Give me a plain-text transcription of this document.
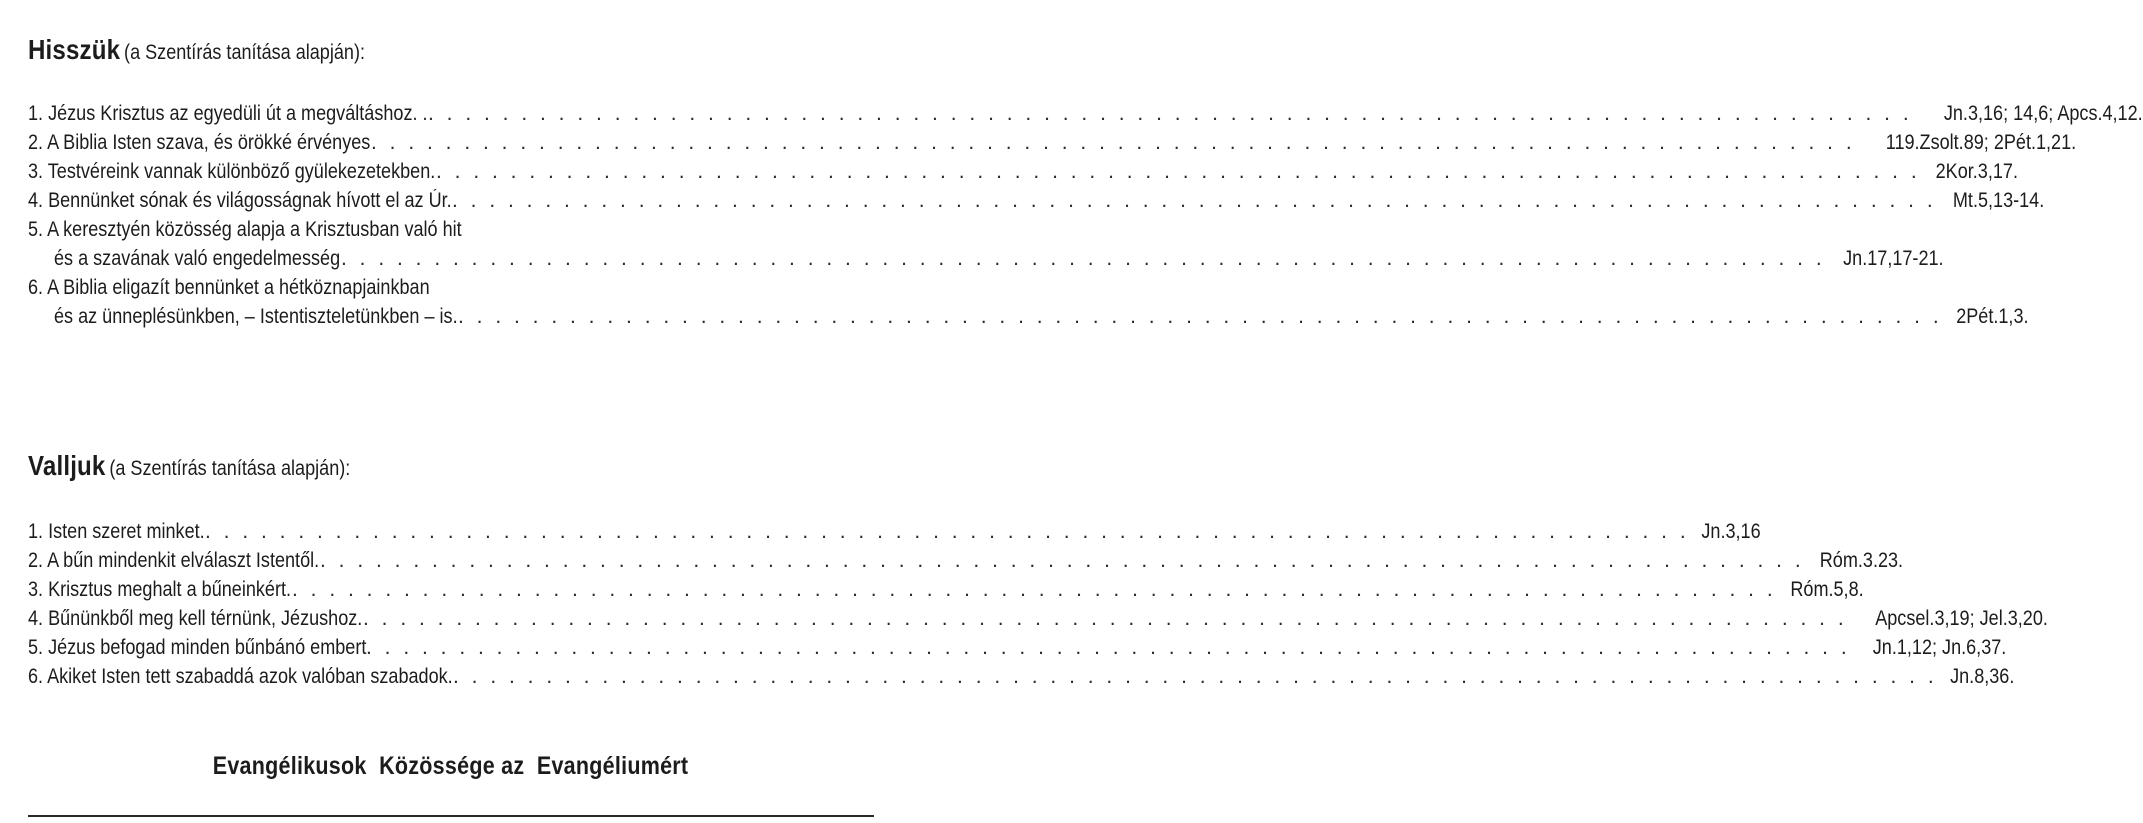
Hisszük (a Szentírás tanítása alapján):
1. Jézus Krisztus az egyedüli út a megváltáshoz. . . . . . . . . . . . . . . . . . . . . . . . . . . . . . . . . . . . . . . . . . . . . . . . . . . . . . . . . . . . . . . . . . . . . . . . . . . . . . . . . . Jn.3,16; 14,6; Apcs.4,12.
2. A Biblia Isten szava, és örökké érvényes . . . . . . . . . . . . . . . . . . . . . . . . . . . . . . . . . . . . . . . . . . . . . . . . . . . . . . . . . . . . . . . . . . . . . . . . . . . . . . . . 119.Zsolt.89; 2Pét.1,21.
3. Testvéreink vannak különböző gyülekezetekben. . . . . . . . . . . . . . . . . . . . . . . . . . . . . . . . . . . . . . . . . . . . . . . . . . . . . . . . . . . . . . . . . . . . . . . . . . . . . . . . . 2Kor.3,17.
4. Bennünket sónak és világosságnak hívott el az Úr. . . . . . . . . . . . . . . . . . . . . . . . . . . . . . . . . . . . . . . . . . . . . . . . . . . . . . . . . . . . . . . . . . . . . . . . . . . . . . . . . Mt.5,13-14.
5. A keresztyén közösség alapja a Krisztusban való hit
és a szavának való engedelmesség . . . . . . . . . . . . . . . . . . . . . . . . . . . . . . . . . . . . . . . . . . . . . . . . . . . . . . . . . . . . . . . . . . . . . . . . . . . . . . . . Jn.17,17-21.
6. A Biblia eligazít bennünket a hétköznapjainkban
és az ünneplésünkben, – Istentiszteletünkben – is. . . . . . . . . . . . . . . . . . . . . . . . . . . . . . . . . . . . . . . . . . . . . . . . . . . . . . . . . . . . . . . . . . . . . . . . . . . . . . . . . 2Pét.1,3.
Valljuk (a Szentírás tanítása alapján):
1. Isten szeret minket. . . . . . . . . . . . . . . . . . . . . . . . . . . . . . . . . . . . . . . . . . . . . . . . . . . . . . . . . . . . . . . . . . . . . . . . . . . . . . . . . Jn.3,16
2. A bűn mindenkit elválaszt Istentől. . . . . . . . . . . . . . . . . . . . . . . . . . . . . . . . . . . . . . . . . . . . . . . . . . . . . . . . . . . . . . . . . . . . . . . . . . . . . . . . . Róm.3.23.
3. Krisztus meghalt a bűneinkért. . . . . . . . . . . . . . . . . . . . . . . . . . . . . . . . . . . . . . . . . . . . . . . . . . . . . . . . . . . . . . . . . . . . . . . . . . . . . . . . . Róm.5,8.
4. Bűnünkből meg kell térnünk, Jézushoz. . . . . . . . . . . . . . . . . . . . . . . . . . . . . . . . . . . . . . . . . . . . . . . . . . . . . . . . . . . . . . . . . . . . . . . . . . . . . . . . . Apcsel.3,19; Jel.3,20.
5. Jézus befogad minden bűnbánó embert . . . . . . . . . . . . . . . . . . . . . . . . . . . . . . . . . . . . . . . . . . . . . . . . . . . . . . . . . . . . . . . . . . . . . . . . . . . . . . . . Jn.1,12; Jn.6,37.
6. Akiket Isten tett szabaddá azok valóban szabadok. . . . . . . . . . . . . . . . . . . . . . . . . . . . . . . . . . . . . . . . . . . . . . . . . . . . . . . . . . . . . . . . . . . . . . . . . . . . . . . . . Jn.8,36.
Evangélikusok  Közössége az  Evangéliumért
